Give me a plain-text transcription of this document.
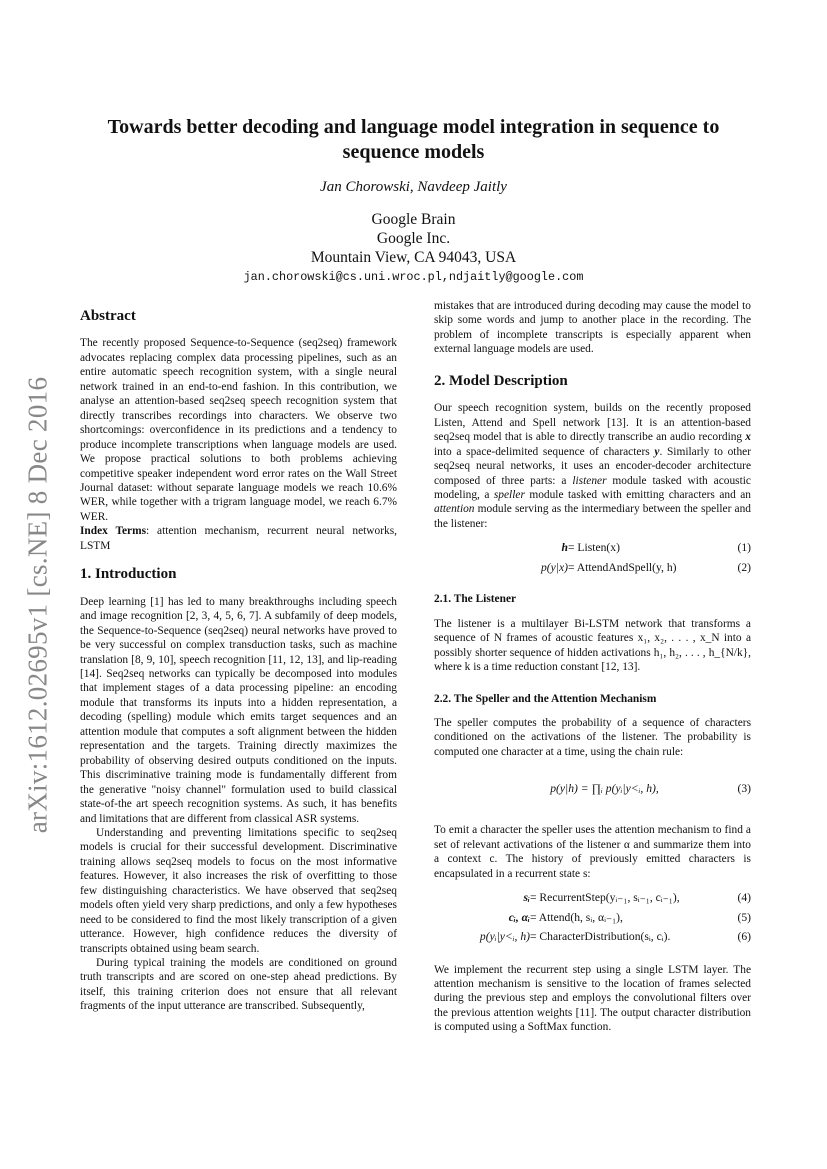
arXiv:1612.02695v1 [cs.NE] 8 Dec 2016
Towards better decoding and language model integration in sequence to
sequence models
Jan Chorowski, Navdeep Jaitly
Google Brain
Google Inc.
Mountain View, CA 94043, USA
jan.chorowski@cs.uni.wroc.pl,ndjaitly@google.com

Abstract

The recently proposed Sequence-to-Sequence (seq2seq) framework advocates replacing complex data processing pipelines, such as an entire automatic speech recognition system, with a single neural network trained in an end-to-end fashion. In this contribution, we analyse an attention-based seq2seq speech recognition system that directly transcribes recordings into characters. We observe two shortcomings: overconfidence in its predictions and a tendency to produce incomplete transcriptions when language models are used. We propose practical solutions to both problems achieving competitive speaker independent word error rates on the Wall Street Journal dataset: without separate language models we reach 10.6% WER, while together with a trigram language model, we reach 6.7% WER.

Index Terms: attention mechanism, recurrent neural networks, LSTM

1. Introduction

Deep learning [1] has led to many breakthroughs including speech and image recognition [2, 3, 4, 5, 6, 7]. A subfamily of deep models, the Sequence-to-Sequence (seq2seq) neural networks have proved to be very successful on complex transduction tasks, such as machine translation [8, 9, 10], speech recognition [11, 12, 13], and lip-reading [14]. Seq2seq networks can typically be decomposed into modules that implement stages of a data processing pipeline: an encoding module that transforms its inputs into a hidden representation, a decoding (spelling) module which emits target sequences and an attention module that computes a soft alignment between the hidden representation and the targets. Training directly maximizes the probability of observing desired outputs conditioned on the inputs. This discriminative training mode is fundamentally different from the generative "noisy channel" formulation used to build classical state-of-the art speech recognition systems. As such, it has benefits and limitations that are different from classical ASR systems.

Understanding and preventing limitations specific to seq2seq models is crucial for their successful development. Discriminative training allows seq2seq models to focus on the most informative features. However, it also increases the risk of overfitting to those few distinguishing characteristics. We have observed that seq2seq models often yield very sharp predictions, and only a few hypotheses need to be considered to find the most likely transcription of a given utterance. However, high confidence reduces the diversity of transcripts obtained using beam search.

During typical training the models are conditioned on ground truth transcripts and are scored on one-step ahead predictions. By itself, this training criterion does not ensure that all relevant fragments of the input utterance are transcribed. Subsequently,

mistakes that are introduced during decoding may cause the model to skip some words and jump to another place in the recording. The problem of incomplete transcripts is especially apparent when external language models are used.

2. Model Description

Our speech recognition system, builds on the recently proposed Listen, Attend and Spell network [13]. It is an attention-based seq2seq model that is able to directly transcribe an audio recording x into a space-delimited sequence of characters y. Similarly to other seq2seq neural networks, it uses an encoder-decoder architecture composed of three parts: a listener module tasked with acoustic modeling, a speller module tasked with emitting characters and an attention module serving as the intermediary between the speller and the listener:

h = Listen(x)	(1)
p(y|x) = AttendAndSpell(y, h)	(2)

2.1. The Listener

The listener is a multilayer Bi-LSTM network that transforms a sequence of N frames of acoustic features x₁, x₂, . . . , x_N into a possibly shorter sequence of hidden activations h₁, h₂, . . . , h_{N/k}, where k is a time reduction constant [12, 13].

2.2. The Speller and the Attention Mechanism

The speller computes the probability of a sequence of characters conditioned on the activations of the listener. The probability is computed one character at a time, using the chain rule:

p(y|h) = ∏ᵢ p(yᵢ|y<ᵢ, h),	(3)

To emit a character the speller uses the attention mechanism to find a set of relevant activations of the listener α and summarize them into a context c. The history of previously emitted characters is encapsulated in a recurrent state s:

sᵢ = RecurrentStep(yᵢ₋₁, sᵢ₋₁, cᵢ₋₁),	(4)
cᵢ, αᵢ = Attend(h, sᵢ, αᵢ₋₁),	(5)
p(yᵢ|y<ᵢ, h) = CharacterDistribution(sᵢ, cᵢ).	(6)

We implement the recurrent step using a single LSTM layer. The attention mechanism is sensitive to the location of frames selected during the previous step and employs the convolutional filters over the previous attention weights [11]. The output character distribution is computed using a SoftMax function.
